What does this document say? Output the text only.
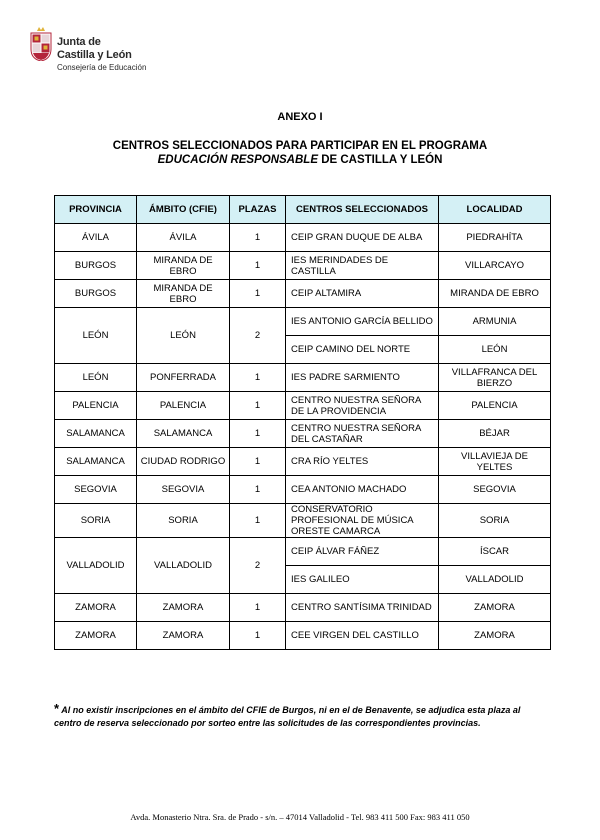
Junta de
Castilla y León
Consejería de Educación
ANEXO I
CENTROS SELECCIONADOS PARA PARTICIPAR EN EL PROGRAMA
EDUCACIÓN RESPONSABLE DE CASTILLA Y LEÓN
PROVINCIA	ÁMBITO (CFIE)	PLAZAS	CENTROS SELECCIONADOS	LOCALIDAD
ÁVILA	ÁVILA	1	CEIP GRAN DUQUE DE ALBA	PIEDRAHÍTA
BURGOS	MIRANDA DE EBRO	1	IES MERINDADES DE CASTILLA	VILLARCAYO
BURGOS	MIRANDA DE EBRO	1	CEIP ALTAMIRA	MIRANDA DE EBRO
LEÓN	LEÓN	2	IES ANTONIO GARCÍA BELLIDO	ARMUNIA
			CEIP CAMINO DEL NORTE	LEÓN
LEÓN	PONFERRADA	1	IES PADRE SARMIENTO	VILLAFRANCA DEL BIERZO
PALENCIA	PALENCIA	1	CENTRO NUESTRA SEÑORA DE LA PROVIDENCIA	PALENCIA
SALAMANCA	SALAMANCA	1	CENTRO NUESTRA SEÑORA DEL CASTAÑAR	BÉJAR
SALAMANCA	CIUDAD RODRIGO	1	CRA RÍO YELTES	VILLAVIEJA DE YELTES
SEGOVIA	SEGOVIA	1	CEA ANTONIO MACHADO	SEGOVIA
SORIA	SORIA	1	CONSERVATORIO PROFESIONAL DE MÚSICA ORESTE CAMARCA	SORIA
VALLADOLID	VALLADOLID	2	CEIP ÁLVAR FÁÑEZ	ÍSCAR
			IES GALILEO	VALLADOLID
ZAMORA	ZAMORA	1	CENTRO SANTÍSIMA TRINIDAD	ZAMORA
ZAMORA	ZAMORA	1	CEE VIRGEN DEL CASTILLO	ZAMORA
* Al no existir inscripciones en el ámbito del CFIE de Burgos, ni en el de Benavente, se adjudica esta plaza al centro de reserva seleccionado por sorteo entre las solicitudes de las correspondientes provincias.
Avda. Monasterio Ntra. Sra. de Prado - s/n. – 47014 Valladolid - Tel. 983 411 500 Fax: 983 411 050
